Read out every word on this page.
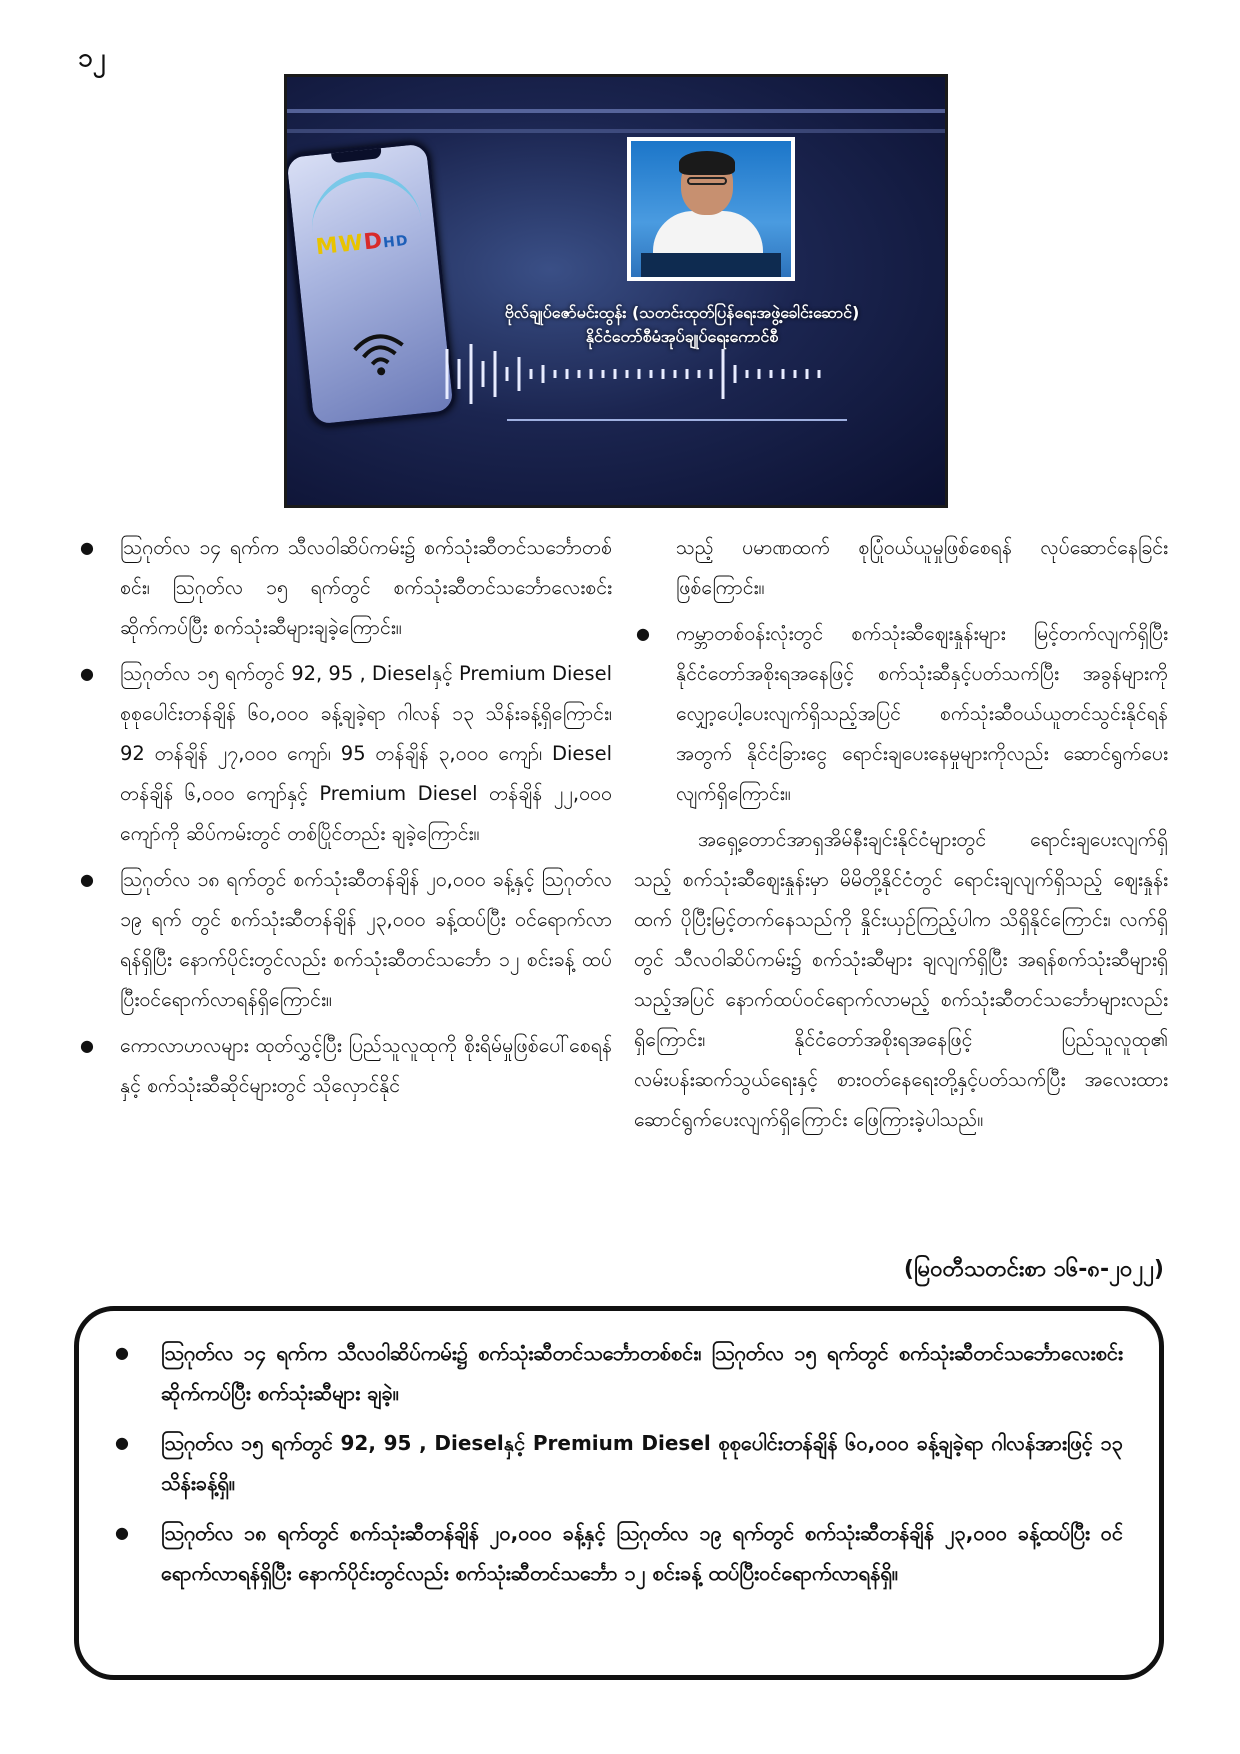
၁၂
MWDHD
ဗိုလ်ချုပ်ဇော်မင်းထွန်း (သတင်းထုတ်ပြန်ရေးအဖွဲ့ခေါင်းဆောင်)
နိုင်ငံတော်စီမံအုပ်ချုပ်ရေးကောင်စီ
● ဩဂုတ်လ ၁၄ ရက်က သီလဝါဆိပ်ကမ်း၌ စက်သုံးဆီတင်သင်္ဘောတစ်စင်း၊ ဩဂုတ်လ ၁၅ ရက်တွင် စက်သုံးဆီတင်သင်္ဘောလေးစင်း ဆိုက်ကပ်ပြီး စက်သုံးဆီများချခဲ့ကြောင်း။
● ဩဂုတ်လ ၁၅ ရက်တွင် 92, 95 , Dieselနှင့် Premium Diesel စုစုပေါင်းတန်ချိန် ၆၀,၀၀၀ ခန့်ချခဲ့ရာ ဂါလန် ၁၃ သိန်းခန့်ရှိကြောင်း၊ 92 တန်ချိန် ၂၇,၀၀၀ ကျော်၊ 95 တန်ချိန် ၃,၀၀၀ ကျော်၊ Diesel တန်ချိန် ၆,၀၀၀ ကျော်နှင့် Premium Diesel တန်ချိန် ၂၂,၀၀၀ ကျော်ကို ဆိပ်ကမ်းတွင် တစ်ပြိုင်တည်း ချခဲ့ကြောင်း။
● ဩဂုတ်လ ၁၈ ရက်တွင် စက်သုံးဆီတန်ချိန် ၂၀,၀၀၀ ခန့်နှင့် ဩဂုတ်လ ၁၉ ရက် တွင် စက်သုံးဆီတန်ချိန် ၂၃,၀၀၀ ခန့်ထပ်ပြီး ဝင်ရောက်လာရန်ရှိပြီး နောက်ပိုင်းတွင်လည်း စက်သုံးဆီတင်သင်္ဘော ၁၂ စင်းခန့် ထပ်ပြီးဝင်ရောက်လာရန်ရှိကြောင်း။
● ကောလာဟလများ ထုတ်လွှင့်ပြီး ပြည်သူလူထုကို စိုးရိမ်မှုဖြစ်ပေါ်စေရန်နှင့် စက်သုံးဆီဆိုင်များတွင် သိုလှောင်နိုင်

သည့် ပမာဏထက် စုပြုံဝယ်ယူမှုဖြစ်စေရန် လုပ်ဆောင်နေခြင်းဖြစ်ကြောင်း။

● ကမ္ဘာတစ်ဝန်းလုံးတွင် စက်သုံးဆီဈေးနှုန်းများ မြင့်တက်လျက်ရှိပြီး နိုင်ငံတော်အစိုးရအနေဖြင့် စက်သုံးဆီနှင့်ပတ်သက်ပြီး အခွန်များကို လျှော့ပေါ့ပေးလျက်ရှိသည့်အပြင် စက်သုံးဆီဝယ်ယူတင်သွင်းနိုင်ရန်အတွက် နိုင်ငံခြားငွေ ရောင်းချပေးနေမှုများကိုလည်း ဆောင်ရွက်ပေးလျက်ရှိကြောင်း။

အရှေ့တောင်အာရှအိမ်နီးချင်းနိုင်ငံများတွင် ရောင်းချပေးလျက်ရှိသည့် စက်သုံးဆီဈေးနှုန်းမှာ မိမိတို့နိုင်ငံတွင် ရောင်းချလျက်ရှိသည့် ဈေးနှုန်းထက် ပိုပြီးမြင့်တက်နေသည်ကို နှိုင်းယှဉ်ကြည့်ပါက သိရှိနိုင်ကြောင်း၊ လက်ရှိတွင် သီလဝါဆိပ်ကမ်း၌ စက်သုံးဆီများ ချလျက်ရှိပြီး အရန်စက်သုံးဆီများရှိသည့်အပြင် နောက်ထပ်ဝင်ရောက်လာမည့် စက်သုံးဆီတင်သင်္ဘောများလည်းရှိကြောင်း၊ နိုင်ငံတော်အစိုးရအနေဖြင့် ပြည်သူလူထု၏ လမ်းပန်းဆက်သွယ်ရေးနှင့် စားဝတ်နေရေးတို့နှင့်ပတ်သက်ပြီး အလေးထားဆောင်ရွက်ပေးလျက်ရှိကြောင်း ဖြေကြားခဲ့ပါသည်။

(မြဝတီသတင်းစာ ၁၆-၈-၂၀၂၂)
● ဩဂုတ်လ ၁၄ ရက်က သီလဝါဆိပ်ကမ်း၌ စက်သုံးဆီတင်သင်္ဘောတစ်စင်း၊ ဩဂုတ်လ ၁၅ ရက်တွင် စက်သုံးဆီတင်သင်္ဘောလေးစင်း ဆိုက်ကပ်ပြီး စက်သုံးဆီများ ချခဲ့။
● ဩဂုတ်လ ၁၅ ရက်တွင် 92, 95 , Dieselနှင့် Premium Diesel စုစုပေါင်းတန်ချိန် ၆၀,၀၀၀ ခန့်ချခဲ့ရာ ဂါလန်အားဖြင့် ၁၃ သိန်းခန့်ရှိ။
● ဩဂုတ်လ ၁၈ ရက်တွင် စက်သုံးဆီတန်ချိန် ၂၀,၀၀၀ ခန့်နှင့် ဩဂုတ်လ ၁၉ ရက်တွင် စက်သုံးဆီတန်ချိန် ၂၃,၀၀၀ ခန့်ထပ်ပြီး ဝင်ရောက်လာရန်ရှိပြီး နောက်ပိုင်းတွင်လည်း စက်သုံးဆီတင်သင်္ဘော ၁၂ စင်းခန့် ထပ်ပြီးဝင်ရောက်လာရန်ရှိ။
